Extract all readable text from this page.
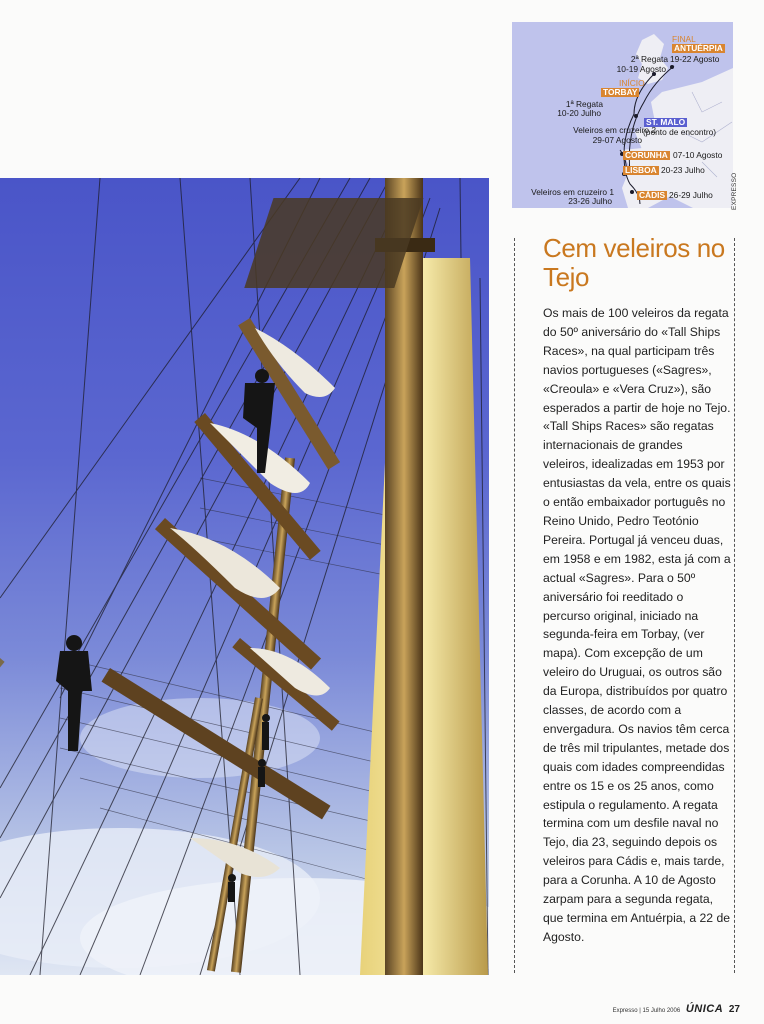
FINAL
ANTUÉRPIA
19-22 Agosto
2ª Regata
10-19 Agosto
INÍCIO
TORBAY
1ª Regata
10-20 Julho
ST. MALO
(ponto de encontro)
Veleiros em cruzeiro 2
29-07 Agosto
CORUNHA 07-10 Agosto
LISBOA 20-23 Julho
Veleiros em cruzeiro 1
23-26 Julho
CÁDIS 26-29 Julho	EXPRESSO
Cem veleiros no Tejo

Os mais de 100 veleiros da regata do 50º aniversário do «Tall Ships Races», na qual participam três navios portugueses («Sagres», «Creoula» e «Vera Cruz»), são esperados a partir de hoje no Tejo. «Tall Ships Races» são regatas internacionais de grandes veleiros, idealizadas em 1953 por entusiastas da vela, entre os quais o então embaixador português no Reino Unido, Pedro Teotónio Pereira. Portugal já venceu duas, em 1958 e em 1982, esta já com a actual «Sagres». Para o 50º aniversário foi reeditado o percurso original, iniciado na segunda-feira em Torbay, (ver mapa). Com excepção de um veleiro do Uruguai, os outros são da Europa, distribuídos por quatro classes, de acordo com a envergadura. Os navios têm cerca de três mil tripulantes, metade dos quais com idades compreendidas entre os 15 e os 25 anos, como estipula o regulamento. A regata termina com um desfile naval no Tejo, dia 23, seguindo depois os veleiros para Cádis e, mais tarde, para a Corunha. A 10 de Agosto zarpam para a segunda regata, que termina em Antuérpia, a 22 de Agosto.

Expresso | 15 Julho 2006 ÚNICA 27
